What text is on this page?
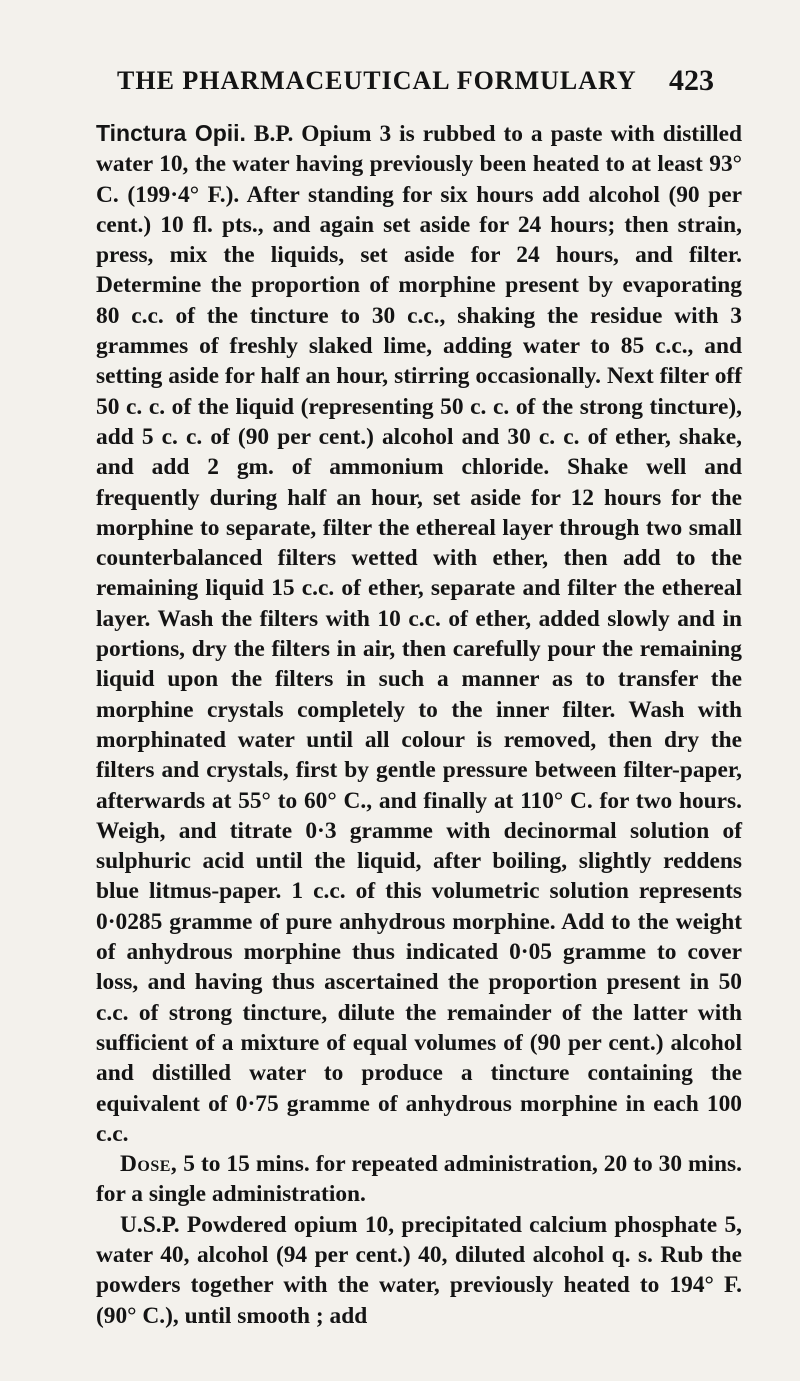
THE PHARMACEUTICAL FORMULARY 423

Tinctura Opii. B.P. Opium 3 is rubbed to a paste with distilled water 10, the water having previously been heated to at least 93° C. (199·4° F.). After standing for six hours add alcohol (90 per cent.) 10 fl. pts., and again set aside for 24 hours; then strain, press, mix the liquids, set aside for 24 hours, and filter. Determine the proportion of morphine present by evaporating 80 c.c. of the tincture to 30 c.c., shaking the residue with 3 grammes of freshly slaked lime, adding water to 85 c.c., and setting aside for half an hour, stirring occasionally. Next filter off 50 c. c. of the liquid (representing 50 c. c. of the strong tincture), add 5 c. c. of (90 per cent.) alcohol and 30 c. c. of ether, shake, and add 2 gm. of ammonium chloride. Shake well and frequently during half an hour, set aside for 12 hours for the morphine to separate, filter the ethereal layer through two small counterbalanced filters wetted with ether, then add to the remaining liquid 15 c.c. of ether, separate and filter the ethereal layer. Wash the filters with 10 c.c. of ether, added slowly and in portions, dry the filters in air, then carefully pour the remaining liquid upon the filters in such a manner as to transfer the morphine crystals completely to the inner filter. Wash with morphinated water until all colour is removed, then dry the filters and crystals, first by gentle pressure between filter-paper, afterwards at 55° to 60° C., and finally at 110° C. for two hours. Weigh, and titrate 0·3 gramme with decinormal solution of sulphuric acid until the liquid, after boiling, slightly reddens blue litmus-paper. 1 c.c. of this volumetric solution represents 0·0285 gramme of pure anhydrous morphine. Add to the weight of anhydrous morphine thus indicated 0·05 gramme to cover loss, and having thus ascertained the proportion present in 50 c.c. of strong tincture, dilute the remainder of the latter with sufficient of a mixture of equal volumes of (90 per cent.) alcohol and distilled water to produce a tincture containing the equivalent of 0·75 gramme of anhydrous morphine in each 100 c.c.

Dose, 5 to 15 mins. for repeated administration, 20 to 30 mins. for a single administration.

U.S.P. Powdered opium 10, precipitated calcium phosphate 5, water 40, alcohol (94 per cent.) 40, diluted alcohol q. s. Rub the powders together with the water, previously heated to 194° F. (90° C.), until smooth ; add
